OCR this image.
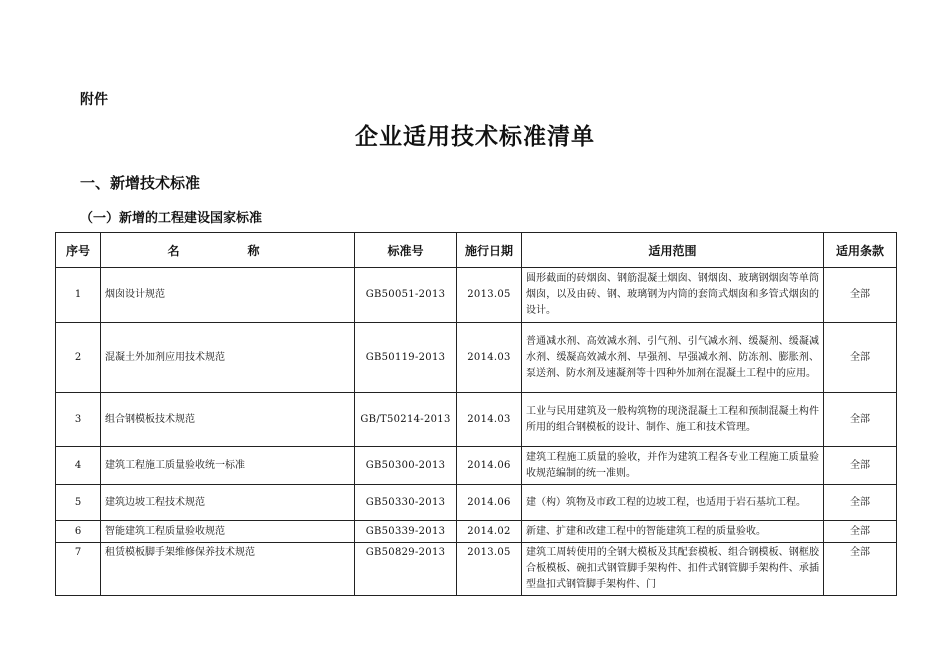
附件
企业适用技术标准清单
一、新增技术标准
（一）新增的工程建设国家标准
序号	名　称	标准号	施行日期	适用范围	适用条款
1	烟囱设计规范	GB50051-2013	2013.05	圆形截面的砖烟囱、钢筋混凝土烟囱、钢烟囱、玻璃钢烟囱等单筒烟囱，以及由砖、钢、玻璃钢为内筒的套筒式烟囱和多管式烟囱的设计。	全部
2	混凝土外加剂应用技术规范	GB50119-2013	2014.03	普通减水剂、高效减水剂、引气剂、引气减水剂、缓凝剂、缓凝减水剂、缓凝高效减水剂、早强剂、早强减水剂、防冻剂、膨胀剂、泵送剂、防水剂及速凝剂等十四种外加剂在混凝土工程中的应用。	全部
3	组合钢模板技术规范	GB/T50214-2013	2014.03	工业与民用建筑及一般构筑物的现浇混凝土工程和预制混凝土构件所用的组合钢模板的设计、制作、施工和技术管理。	全部
4	建筑工程施工质量验收统一标准	GB50300-2013	2014.06	建筑工程施工质量的验收，并作为建筑工程各专业工程施工质量验收规范编制的统一准则。	全部
5	建筑边坡工程技术规范	GB50330-2013	2014.06	建（构）筑物及市政工程的边坡工程，也适用于岩石基坑工程。	全部
6	智能建筑工程质量验收规范	GB50339-2013	2014.02	新建、扩建和改建工程中的智能建筑工程的质量验收。	全部
7	租赁模板脚手架维修保养技术规范	GB50829-2013	2013.05	建筑工周转使用的全钢大模板及其配套模板、组合钢模板、钢框胶合板模板、碗扣式钢管脚手架构件、扣件式钢管脚手架构件、承插型盘扣式钢管脚手架构件、门	全部
